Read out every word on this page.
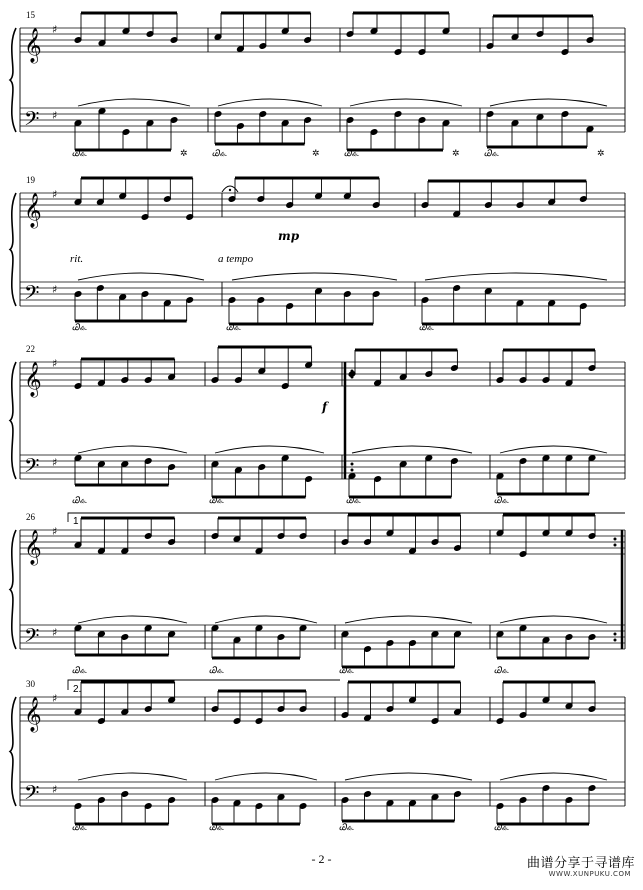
𝄞
𝄢
♯
♯
15
Ꮚꮂ.	✲	Ꮚꮂ.	✲	Ꮚꮂ.	✲	Ꮚꮂ.	✲
𝄞
𝄢
♯
♯
19
Ꮚꮂ.	Ꮚꮂ.	Ꮚꮂ.
𝄞
𝄢
♯
♯
22
Ꮚꮂ.	Ꮚꮂ.	Ꮚꮂ.	Ꮚꮂ.
𝄞
𝄢
♯
♯
26
Ꮚꮂ.	Ꮚꮂ.	Ꮚꮂ.	Ꮚꮂ.
𝄞
𝄢
♯
♯
30
Ꮚꮂ.	Ꮚꮂ.	Ꮚꮂ.	Ꮚꮂ.
rit.	a tempo
mp
f
1
2.
- 2 -	曲谱分享于寻谱库
WWW.XUNPUKU.COM
